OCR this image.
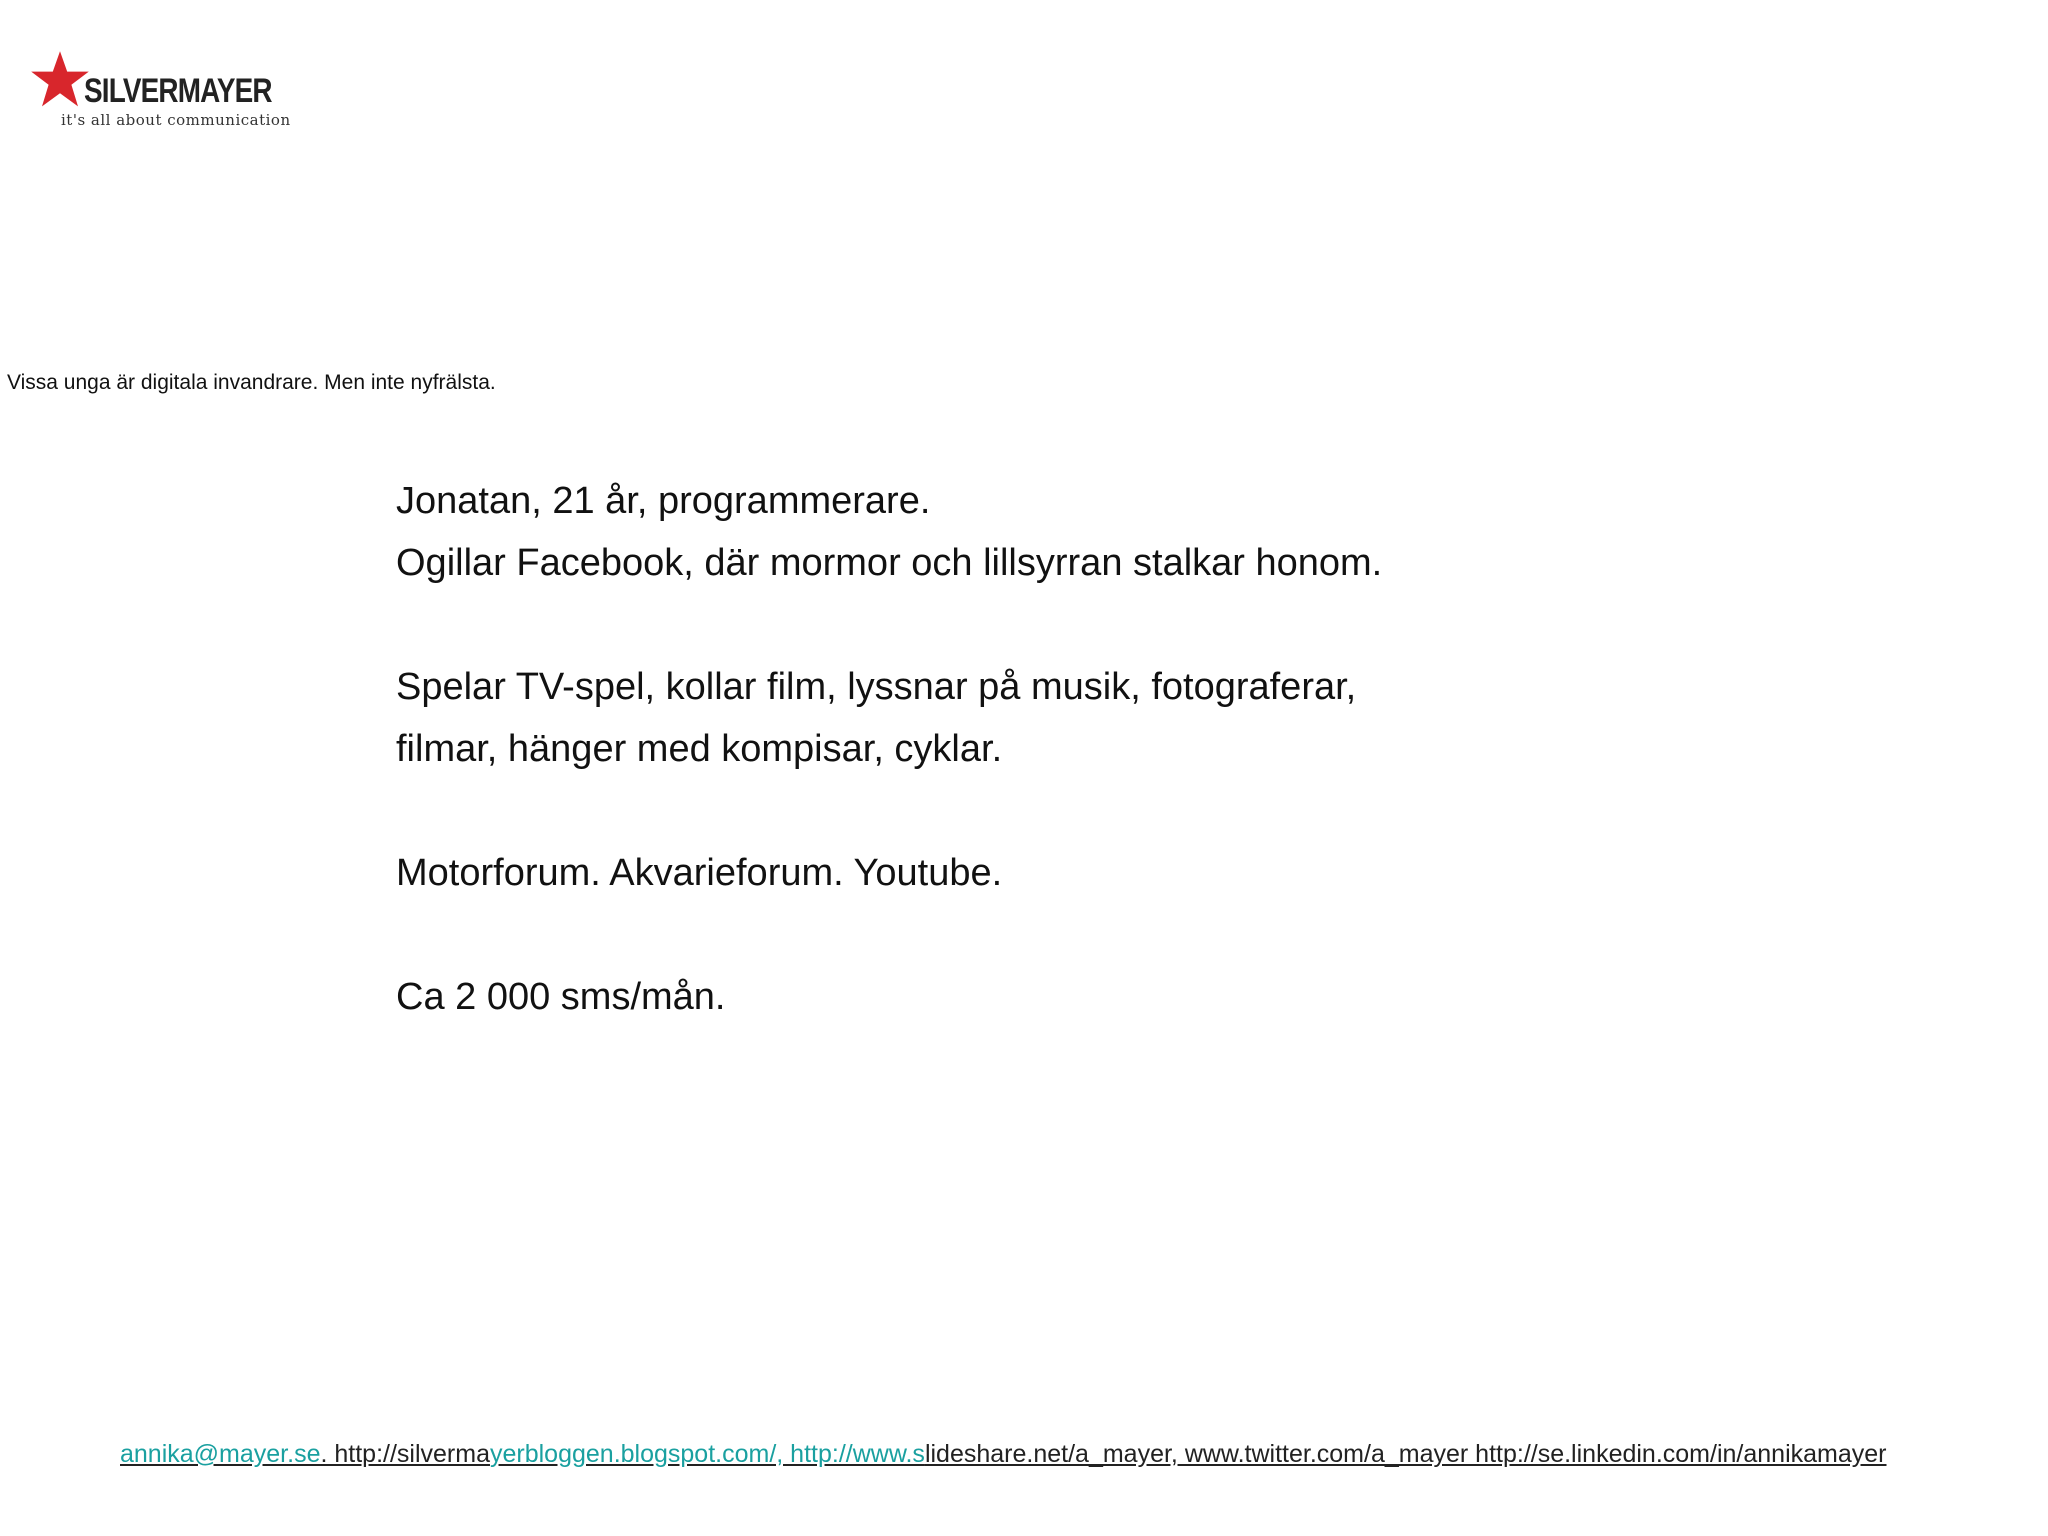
SILVERMAYER
it's all about communication
Vissa unga är digitala invandrare. Men inte nyfrälsta.

Jonatan, 21 år, programmerare.

Ogillar Facebook, där mormor och lillsyrran stalkar honom.

Spelar TV-spel, kollar film, lyssnar på musik, fotograferar,

filmar, hänger med kompisar, cyklar.

Motorforum. Akvarieforum. Youtube.

Ca 2 000 sms/mån.

annika@mayer.se. http://silvermayerbloggen.blogspot.com/, http://www.slideshare.net/a_mayer, www.twitter.com/a_mayer http://se.linkedin.com/in/annikamayer
